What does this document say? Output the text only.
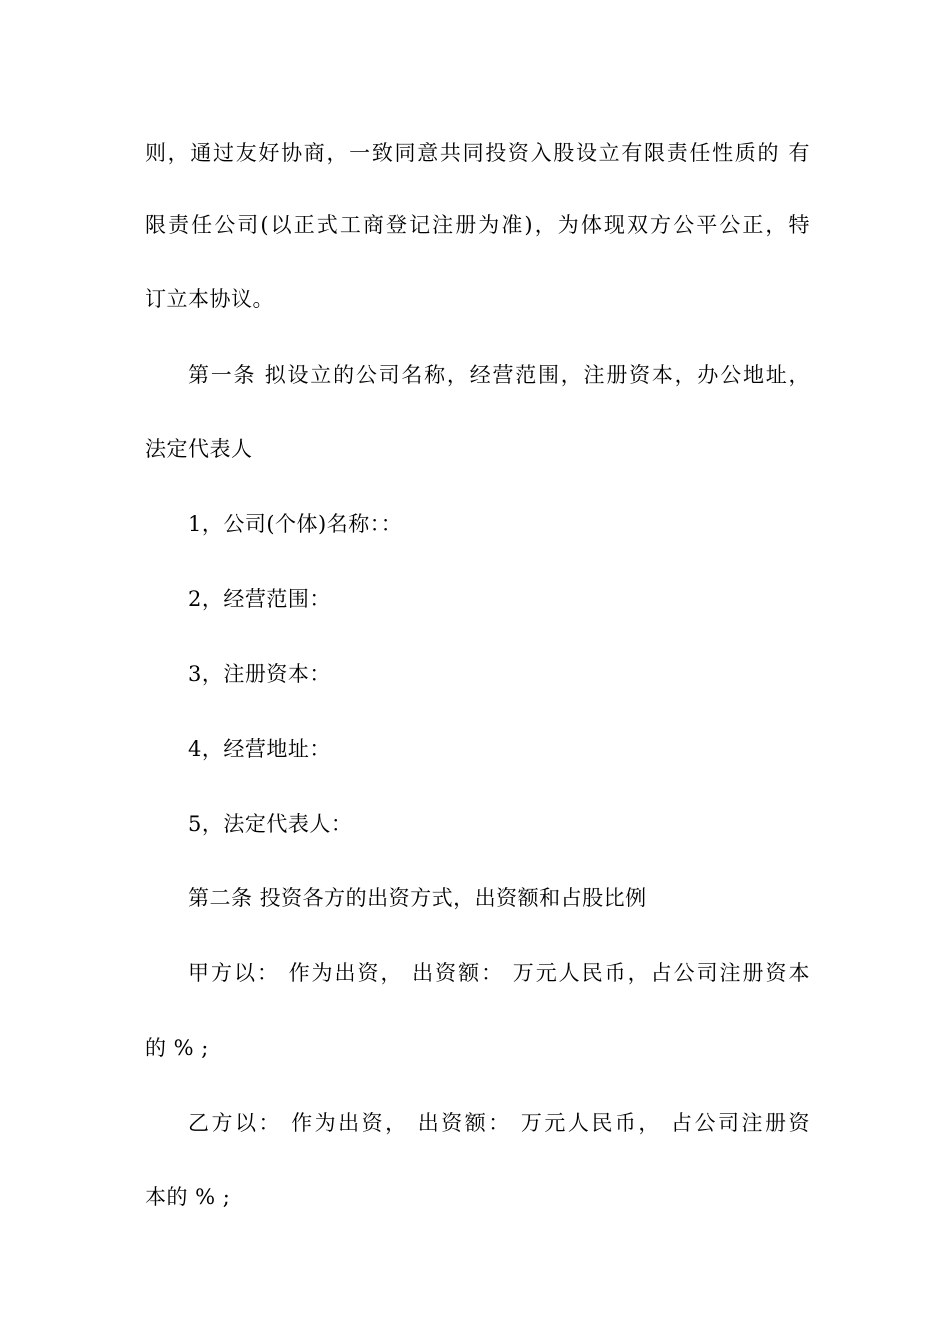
则，通过友好协商，一致同意共同投资入股设立有限责任性质的 有
限责任公司(以正式工商登记注册为准)，为体现双方公平公正，特
订立本协议。
第一条 拟设立的公司名称，经营范围，注册资本，办公地址，
法定代表人
1，公司(个体)名称：：
2，经营范围：
3，注册资本：
4，经营地址：
5，法定代表人：
第二条 投资各方的出资方式，出资额和占股比例
甲方以： 作为出资， 出资额： 万元人民币，占公司注册资本
的 % ;
乙方以： 作为出资， 出资额： 万元人民币， 占公司注册资
本的 % ;
